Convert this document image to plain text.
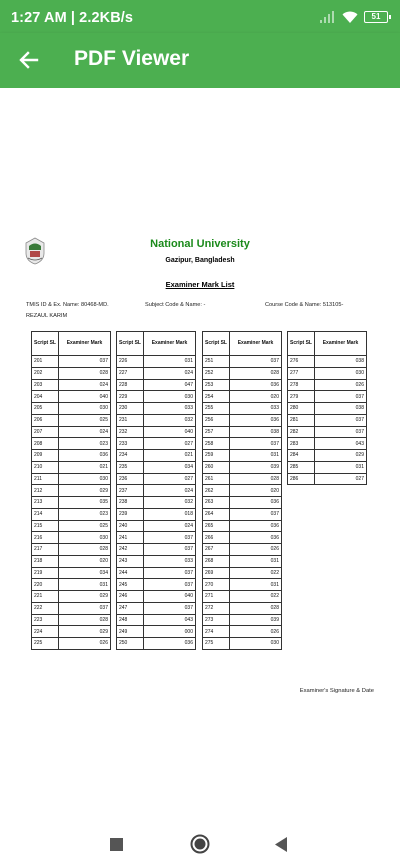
1:27 AM | 2.2KB/s	51
PDF Viewer
National University
Gazipur, Bangladesh
Examiner Mark List
TMIS ID & Ex. Name: 80468-MD.	Subject Code & Name: -	Course Code & Name: 513105-
REZAUL KARIM
Script SL	Examiner Mark
201	037
202	028
203	024
204	040
205	030
206	025
207	024
208	023
209	036
210	021
211	030
212	029
213	035
214	023
215	025
216	030
217	028
218	020
219	034
220	031
221	029
222	037
223	028
224	029
225	026
Script SL	Examiner Mark
226	031
227	024
228	047
229	030
230	033
231	032
232	040
233	027
234	021
235	034
236	027
237	024
238	032
239	018
240	024
241	037
242	037
243	033
244	037
245	037
246	040
247	037
248	043
249	000
250	036
Script SL	Examiner Mark
251	037
252	028
253	036
254	020
255	033
256	036
257	038
258	037
259	031
260	039
261	028
262	020
263	036
264	037
265	036
266	036
267	026
268	031
269	022
270	031
271	022
272	028
273	039
274	026
275	030
Script SL	Examiner Mark
276	038
277	030
278	026
279	037
280	038
281	037
282	037
283	043
284	029
285	031
286	027
Examiner's Signature & Date
